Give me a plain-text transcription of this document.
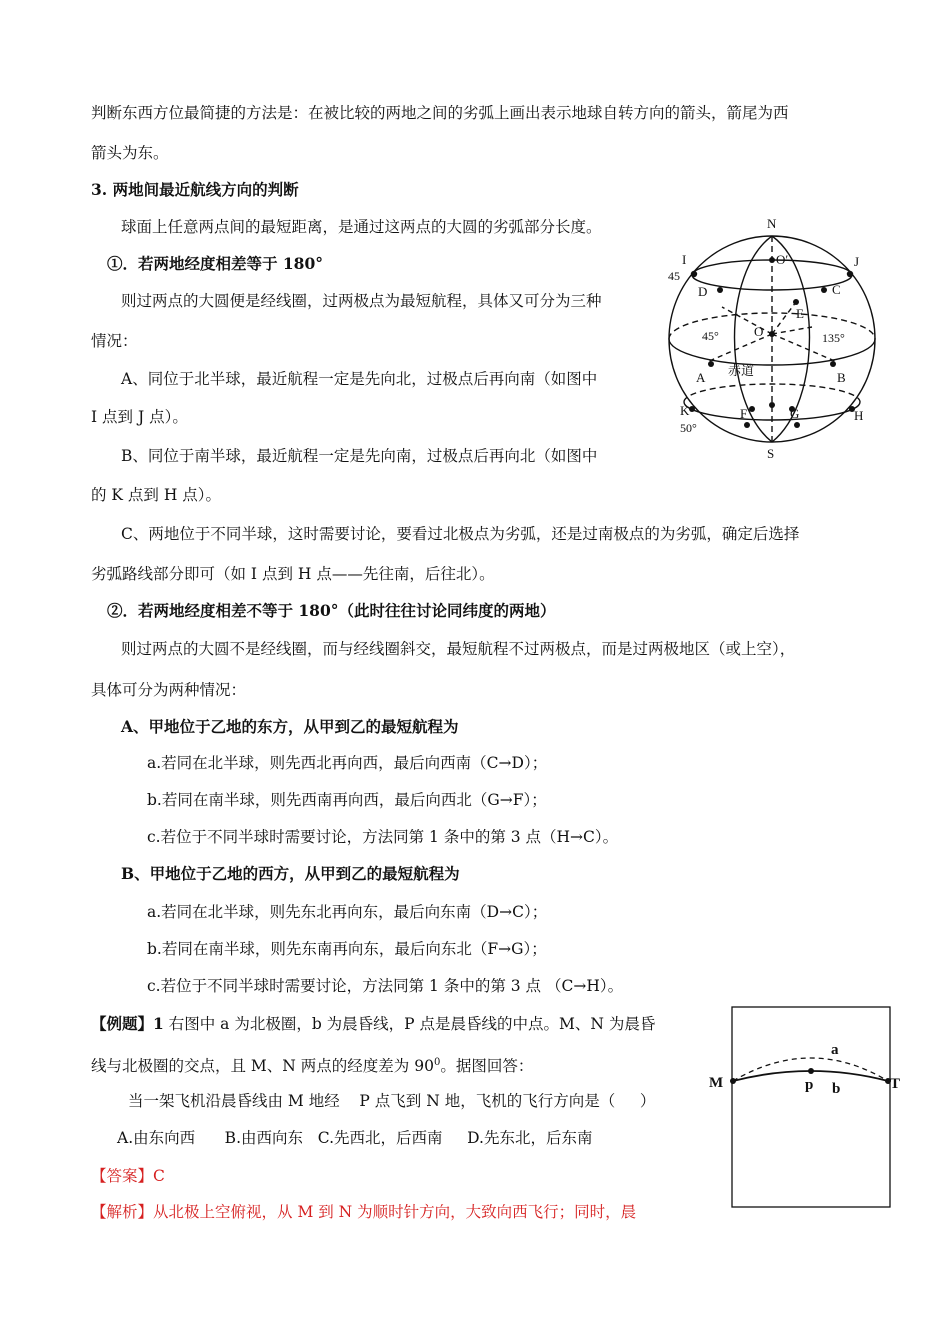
判断东西方位最简捷的方法是：在被比较的两地之间的劣弧上画出表示地球自转方向的箭头，箭尾为西
箭头为东。
3. 两地间最近航线方向的判断
球面上任意两点间的最短距离，是通过这两点的大圆的劣弧部分长度。
①．若两地经度相差等于 180°
则过两点的大圆便是经线圈，过两极点为最短航程，具体又可分为三种
情况：
A、同位于北半球，最近航程一定是先向北，过极点后再向南（如图中
I 点到 J 点）。
B、同位于南半球，最近航程一定是先向南，过极点后再向北（如图中
的 K 点到 H 点）。
C、两地位于不同半球，这时需要讨论，要看过北极点为劣弧，还是过南极点的为劣弧，确定后选择
劣弧路线部分即可（如 I 点到 H 点——先往南，后往北）。
②．若两地经度相差不等于 180°（此时往往讨论同纬度的两地）
则过两点的大圆不是经线圈，而与经线圈斜交，最短航程不过两极点，而是过两极地区（或上空），
具体可分为两种情况：
A、甲地位于乙地的东方，从甲到乙的最短航程为
a.若同在北半球，则先西北再向西，最后向西南（C→D）；
b.若同在南半球，则先西南再向西，最后向西北（G→F）；
c.若位于不同半球时需要讨论，方法同第 1 条中的第 3 点（H→C）。
B、甲地位于乙地的西方，从甲到乙的最短航程为
a.若同在北半球，则先东北再向东，最后向东南（D→C）；
b.若同在南半球，则先东南再向东，最后向东北（F→G）；
c.若位于不同半球时需要讨论，方法同第 1 条中的第 3 点 （C→H）。
【例题】1 右图中 a 为北极圈，b 为晨昏线，P 点是晨昏线的中点。M、N 为晨昏
线与北极圈的交点，且 M、N 两点的经度差为 $90^0$。据图回答：
当一架飞机沿晨昏线由 M 地经    P 点飞到 N 地，飞机的飞行方向是（     ）
A.由东向西      B.由西向东   C.先西北，后西南     D.先东北，后东南
【答案】C
【解析】从北极上空俯视，从 M 到 N 为顺时针方向，大致向西飞行；同时，晨
N
S
I	J
45
O′
D	C
E
O
45°	135°
A	B
赤道
K	H
F	G
50°
M	T
a
p b
